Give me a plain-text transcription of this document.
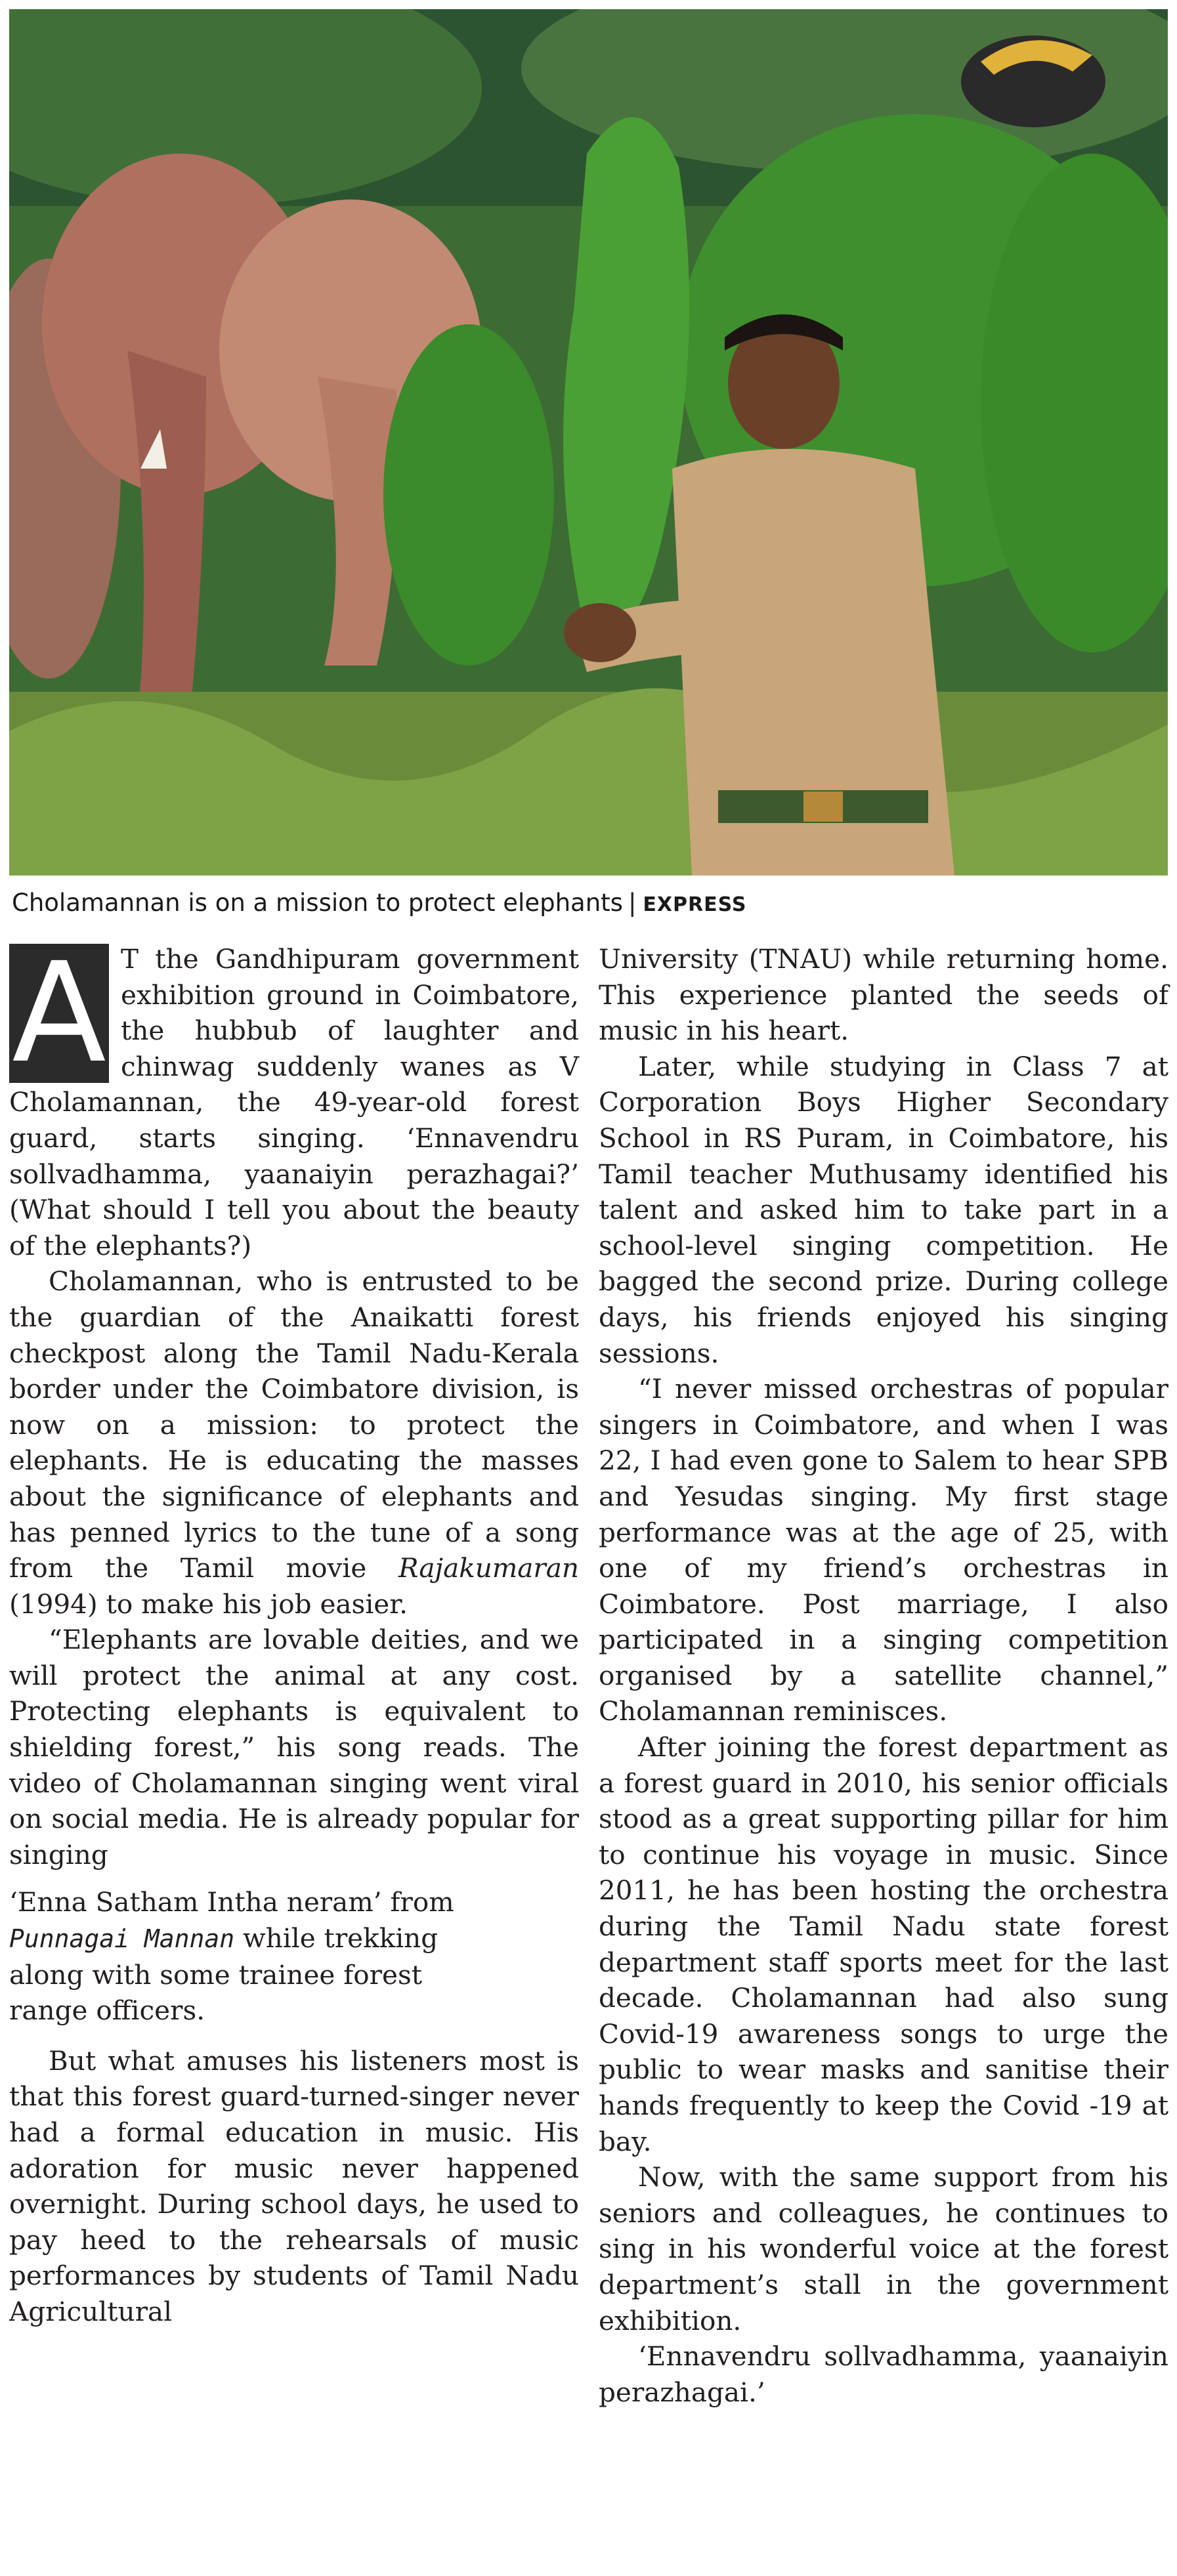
Cholamannan is on a mission to protect elephants | EXPRESS

A T the Gandhipuram government exhibition ground in Coimbatore, the hubbub of laughter and chinwag suddenly wanes as V Cholamannan, the 49-year-old forest guard, starts singing. ‘Ennavendru sollvadhamma, yaanaiyin perazhagai?’ (What should I tell you about the beauty of the elephants?)

Cholamannan, who is entrusted to be the guardian of the Anaikatti forest checkpost along the Tamil Nadu-Kerala border under the Coimbatore division, is now on a mission: to protect the elephants. He is educating the masses about the significance of elephants and has penned lyrics to the tune of a song from the Tamil movie Rajakumaran (1994) to make his job easier.

“Elephants are lovable deities, and we will protect the animal at any cost. Protecting elephants is equivalent to shielding forest,” his song reads. The video of Cholamannan singing went viral on social media. He is already popular for singing

‘Enna Satham Intha neram’ from Punnagai Mannan while trekking along with some trainee forest range officers.

But what amuses his listeners most is that this forest guard-turned-singer never had a formal education in music. His adoration for music never happened overnight. During school days, he used to pay heed to the rehearsals of music performances by students of Tamil Nadu Agricultural

University (TNAU) while returning home. This experience planted the seeds of music in his heart.

Later, while studying in Class 7 at Corporation Boys Higher Secondary School in RS Puram, in Coimbatore, his Tamil teacher Muthusamy identified his talent and asked him to take part in a school-level singing competition. He bagged the second prize. During college days, his friends enjoyed his singing sessions.

“I never missed orchestras of popular singers in Coimbatore, and when I was 22, I had even gone to Salem to hear SPB and Yesudas singing. My first stage performance was at the age of 25, with one of my friend’s orchestras in Coimbatore. Post marriage, I also participated in a singing competition organised by a satellite channel,” Cholamannan reminisces.

After joining the forest department as a forest guard in 2010, his senior officials stood as a great supporting pillar for him to continue his voyage in music. Since 2011, he has been hosting the orchestra during the Tamil Nadu state forest department staff sports meet for the last decade. Cholamannan had also sung Covid-19 awareness songs to urge the public to wear masks and sanitise their hands frequently to keep the Covid -19 at bay.

Now, with the same support from his seniors and colleagues, he continues to sing in his wonderful voice at the forest department’s stall in the government exhibition.

‘Ennavendru sollvadhamma, yaanaiyin perazhagai.’
